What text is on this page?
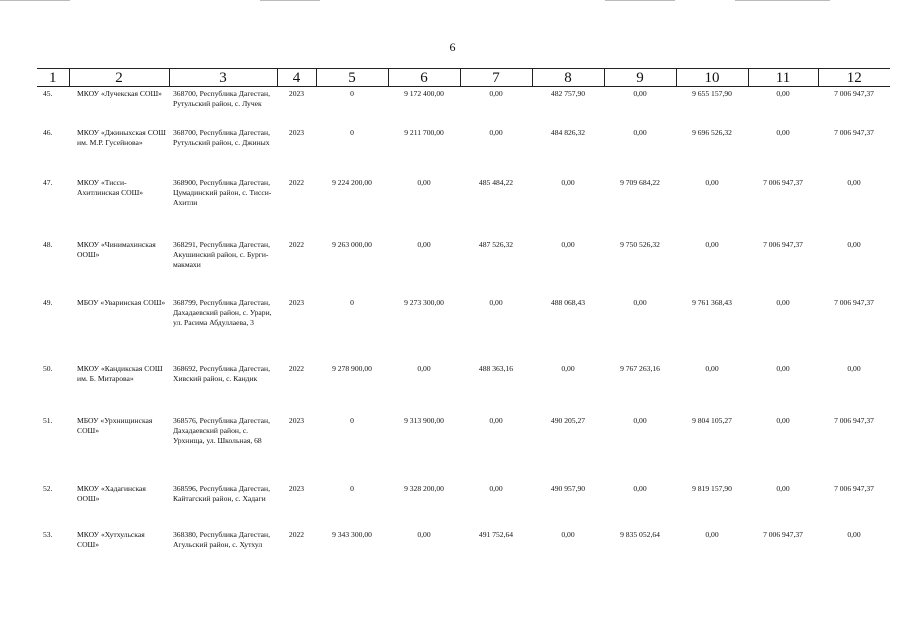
6
1	2	3	4	5	6	7	8	9	10	11	12
45.	МКОУ «Лучекская СОШ»	368700, Республика Дагестан, Рутульский район, с. Лучек	2023	0	9 172 400,00	0,00	482 757,90	0,00	9 655 157,90	0,00	7 006 947,37
46.	МКОУ «Джиныхская СОШ им. М.Р. Гусейнова»	368700, Республика Дагестан, Рутульский район, с. Джиных	2023	0	9 211 700,00	0,00	484 826,32	0,00	9 696 526,32	0,00	7 006 947,37
47.	МКОУ «Тисси-Ахитлинская СОШ»	368900, Республика Дагестан, Цумадинский район, с. Тисси-Ахитли	2022	9 224 200,00	0,00	485 484,22	0,00	9 709 684,22	0,00	7 006 947,37	0,00
48.	МКОУ «Чинимахинская ООШ»	368291, Республика Дагестан, Акушинский район, с. Бурги-макмахи	2022	9 263 000,00	0,00	487 526,32	0,00	9 750 526,32	0,00	7 006 947,37	0,00
49.	МБОУ «Уваринская СОШ»	368799, Республика Дагестан, Дахадаевский район, с. Урари, ул. Расима Абдуллаева, 3	2023	0	9 273 300,00	0,00	488 068,43	0,00	9 761 368,43	0,00	7 006 947,37
50.	МКОУ «Кандикская СОШ им. Б. Митарова»	368692, Республика Дагестан, Хивский район, с. Кандик	2022	9 278 900,00	0,00	488 363,16	0,00	9 767 263,16	0,00	0,00	0,00
51.	МБОУ «Урхнищинская СОШ»	368576, Республика Дагестан, Дахадаевский район, с. Урхнища, ул. Школьная, 68	2023	0	9 313 900,00	0,00	490 205,27	0,00	9 804 105,27	0,00	7 006 947,37
52.	МКОУ «Хадагинская ООШ»	368596, Республика Дагестан, Кайтагский район, с. Хадаги	2023	0	9 328 200,00	0,00	490 957,90	0,00	9 819 157,90	0,00	7 006 947,37
53.	МКОУ «Хутхульская СОШ»	368380, Республика Дагестан, Агульский район, с. Хутхул	2022	9 343 300,00	0,00	491 752,64	0,00	9 835 052,64	0,00	7 006 947,37	0,00
